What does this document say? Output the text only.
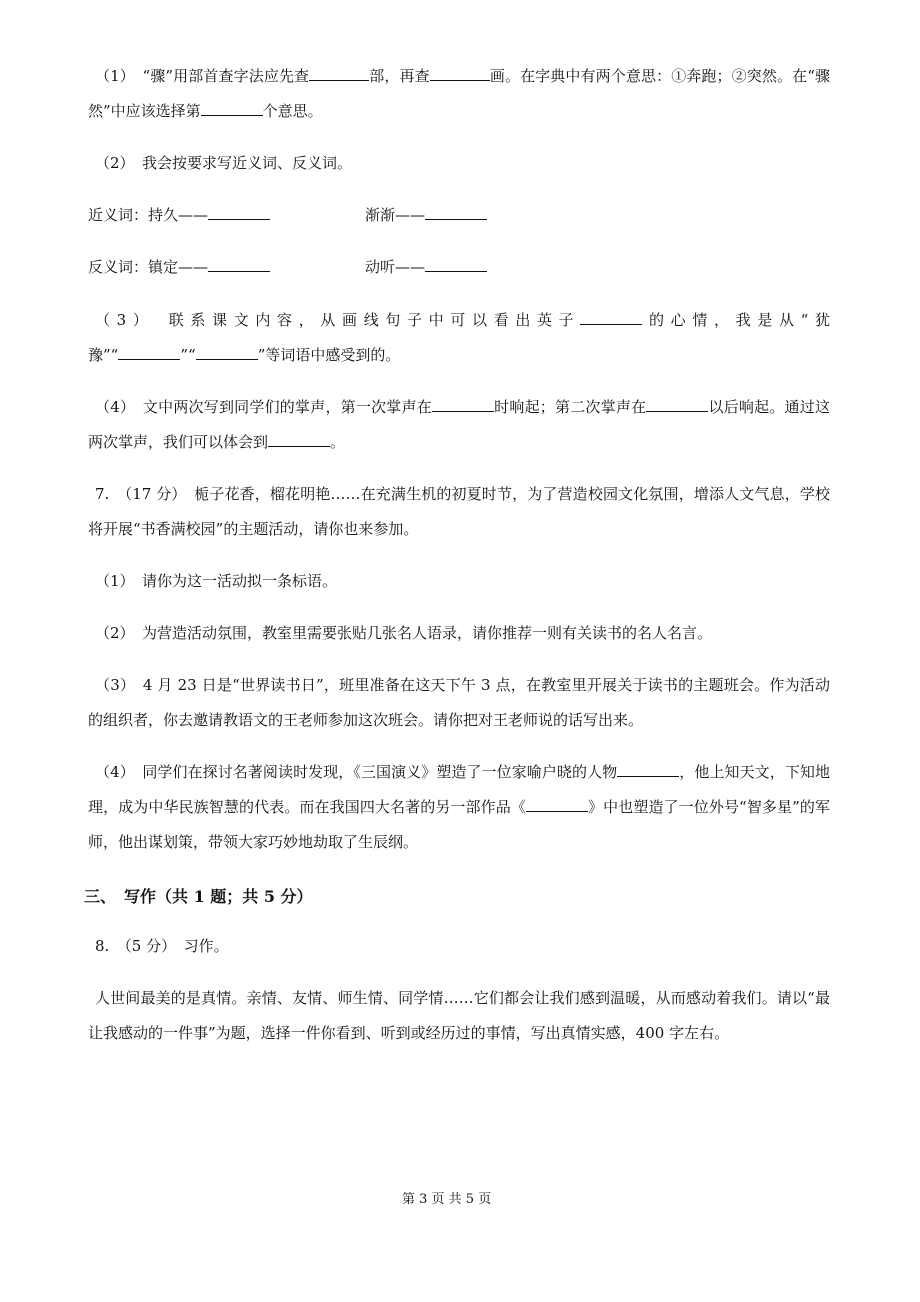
（1）　“骤”用部首查字法应先查	部，再查	画。在字典中有两个意思：①奔跑；②突然。在“骤
然”中应该选择第	个意思。
（2）　我会按要求写近义词、反义词。
近义词：持久——	渐渐——
反义词：镇定——	动听——
（3）　联系课文内容，从画线句子中可以看出英子	的心情，我是从“犹
豫”“	”“	”等词语中感受到的。
（4）　文中两次写到同学们的掌声，第一次掌声在	时响起；第二次掌声在	以后响起。通过这
两次掌声，我们可以体会到	。
7.　（17 分）　栀子花香，榴花明艳……在充满生机的初夏时节，为了营造校园文化氛围，增添人文气息，学校
将开展“书香满校园”的主题活动，请你也来参加。
（1）　请你为这一活动拟一条标语。
（2）　为营造活动氛围，教室里需要张贴几张名人语录，请你推荐一则有关读书的名人名言。
（3）　4 月 23 日是“世界读书日”，班里准备在这天下午 3 点，在教室里开展关于读书的主题班会。作为活动
的组织者，你去邀请教语文的王老师参加这次班会。请你把对王老师说的话写出来。
（4）　同学们在探讨名著阅读时发现，《三国演义》塑造了一位家喻户晓的人物	，他上知天文，下知地
理，成为中华民族智慧的代表。而在我国四大名著的另一部作品《	》中也塑造了一位外号“智多星”的军
师，他出谋划策，带领大家巧妙地劫取了生辰纲。
三、　写作（共 1 题；共 5 分）
8.　（5 分）　习作。
人世间最美的是真情。亲情、友情、师生情、同学情……它们都会让我们感到温暖，从而感动着我们。请以“最
让我感动的一件事”为题，选择一件你看到、听到或经历过的事情，写出真情实感，400 字左右。
第 3 页 共 5 页
